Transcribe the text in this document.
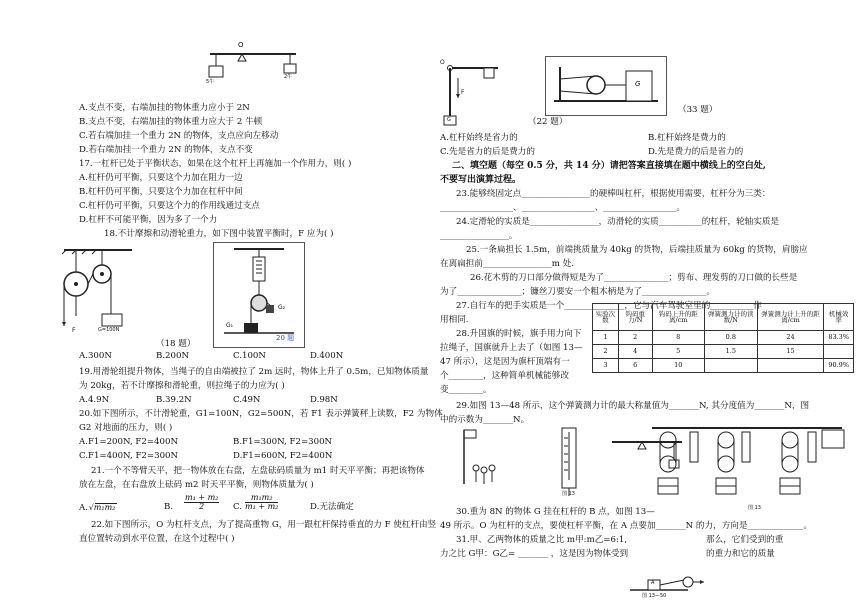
O
5牛
2牛
A.支点不变，右端加挂的物体重力应小于 2N
B.支点不变，右端加挂的物体重力应大于 2 牛顿
C.若右端加挂一个重力 2N 的物体，支点应向左移动
D.若右端加挂一个重力 2N 的物体，支点不变
17.一杠杆已处于平衡状态，如果在这个杠杆上再施加一个作用力，则( )
A.杠杆仍可平衡，只要这个力加在阻力一边
B.杠杆仍可平衡，只要这个力加在杠杆中间
C.杠杆仍可平衡，只要这个力的作用线通过支点
D.杠杆不可能平衡，因为多了一个力
18.不计摩擦和动滑轮重力，如下图中装置平衡时，F 应为( )
F	G=100N
（18 题）
G₁
G₂
20 题
A.300N	B.200N	C.100N	D.400N
19.用滑轮组提升物体，当绳子的自由端被拉了 2m 远时，物体上升了 0.5m，已知物体质量
为 20kg，若不计摩擦和滑轮重，则拉绳子的力应为( )
A.4.9N	B.39.2N	C.49N	D.98N
20.如下图所示，不计滑轮重，G1=100N，G2=500N，若 F1 表示弹簧秤上读数，F2 为物体
G2 对地面的压力，则( )
A.F1=200N, F2=400N	B.F1=300N, F2=300N
C.F1=400N, F2=300N	D.F1=600N, F2=400N
21.一个不等臂天平，把一物体放在右盘，左盘砝码质量为 m1 时天平平衡；再把该物体
放在左盘，在右盘放上砝码 m2 时天平平衡，则物体质量为( )
A. √m₁m₂	B.
m₁ + m₂
2	C.
m₁m₂
m₁ + m₂	D.无法确定
22.如下图所示，O 为杠杆支点，为了提高重物 G，用一跟杠杆保持垂直的力 F 使杠杆由竖
直位置转动到水平位置，在这个过程中( )
O
F
G	（22 题）
G
（33 题）
A.杠杆始终是省力的	B.杠杆始终是费力的
C.先是省力的后是费力的	D.先是费力的后是省力的
二、填空题（每空 0.5 分，共 14 分）请把答案直接填在题中横线上的空白处,
不要写出演算过程。
23.能够绕固定点________________的硬棒叫杠杆，根据使用需要，杠杆分为三类：
_________________、_________________、_________________。
24.定滑轮的实质是________________，动滑轮的实质__________的杠杆，轮轴实质是
________________。
25.一条扁担长 1.5m，前端挑质量为 40kg 的货物，后端挂质量为 60kg 的货物，肩膀应
在离扁担前________________m 处.
26.花木剪的刀口部分做得短是为了_______________；剪布、理发剪的刀口做的长些是
为了_______________；镰丝刀要安一个粗木柄是为了_______________。
27.自行车的把手实质是一个______________，它与汽车驾驶室里的__________作
用相同.
28.升国旗的时候，旗手用力向下
拉绳子，国旗就升上去了（如图 13—
47 所示），这是因为旗杆顶端有一
个________，这种简单机械能够改
变________。
实验次数	钩码重力/N	钩码上升的距离/cm	弹簧测力计的读数/N	弹簧测力计上升的距离/cm	机械效率
1	2	8	0.8	24	83.3%
2	4	5	1.5	15	
3	6	10			90.9%
29.如图 13—48 所示，这个弹簧测力计的最大称量值为_______N, 其分度值为_______N，图
中的示数为_______N。
图 13
图 13
30.重为 8N 的物体 G 挂在杠杆的 B 点，如图 13—
49 所示。O 为杠杆的支点，要使杠杆平衡，在 A 点要加_______N 的力，方向是_____________。
31.甲、乙两物体的质量之比 m甲:m乙=6:1,	那么，它们受到的重
力之比 G甲：G乙= _______ ，这是因为物体受到	的重力和它的质量
A
图 13—50
